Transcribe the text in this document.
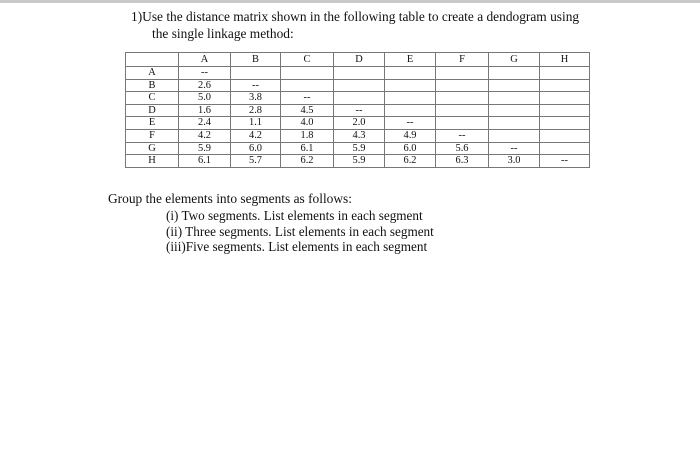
1)Use the distance matrix shown in the following table to create a dendogram using
the single linkage method:
	A	B	C	D	E	F	G	H
A	--							
B	2.6	--						
C	5.0	3.8	--					
D	1.6	2.8	4.5	--				
E	2.4	1.1	4.0	2.0	--			
F	4.2	4.2	1.8	4.3	4.9	--		
G	5.9	6.0	6.1	5.9	6.0	5.6	--	
H	6.1	5.7	6.2	5.9	6.2	6.3	3.0	--
Group the elements into segments as follows:
(i) Two segments. List elements in each segment
(ii) Three segments. List elements in each segment
(iii)Five segments. List elements in each segment
